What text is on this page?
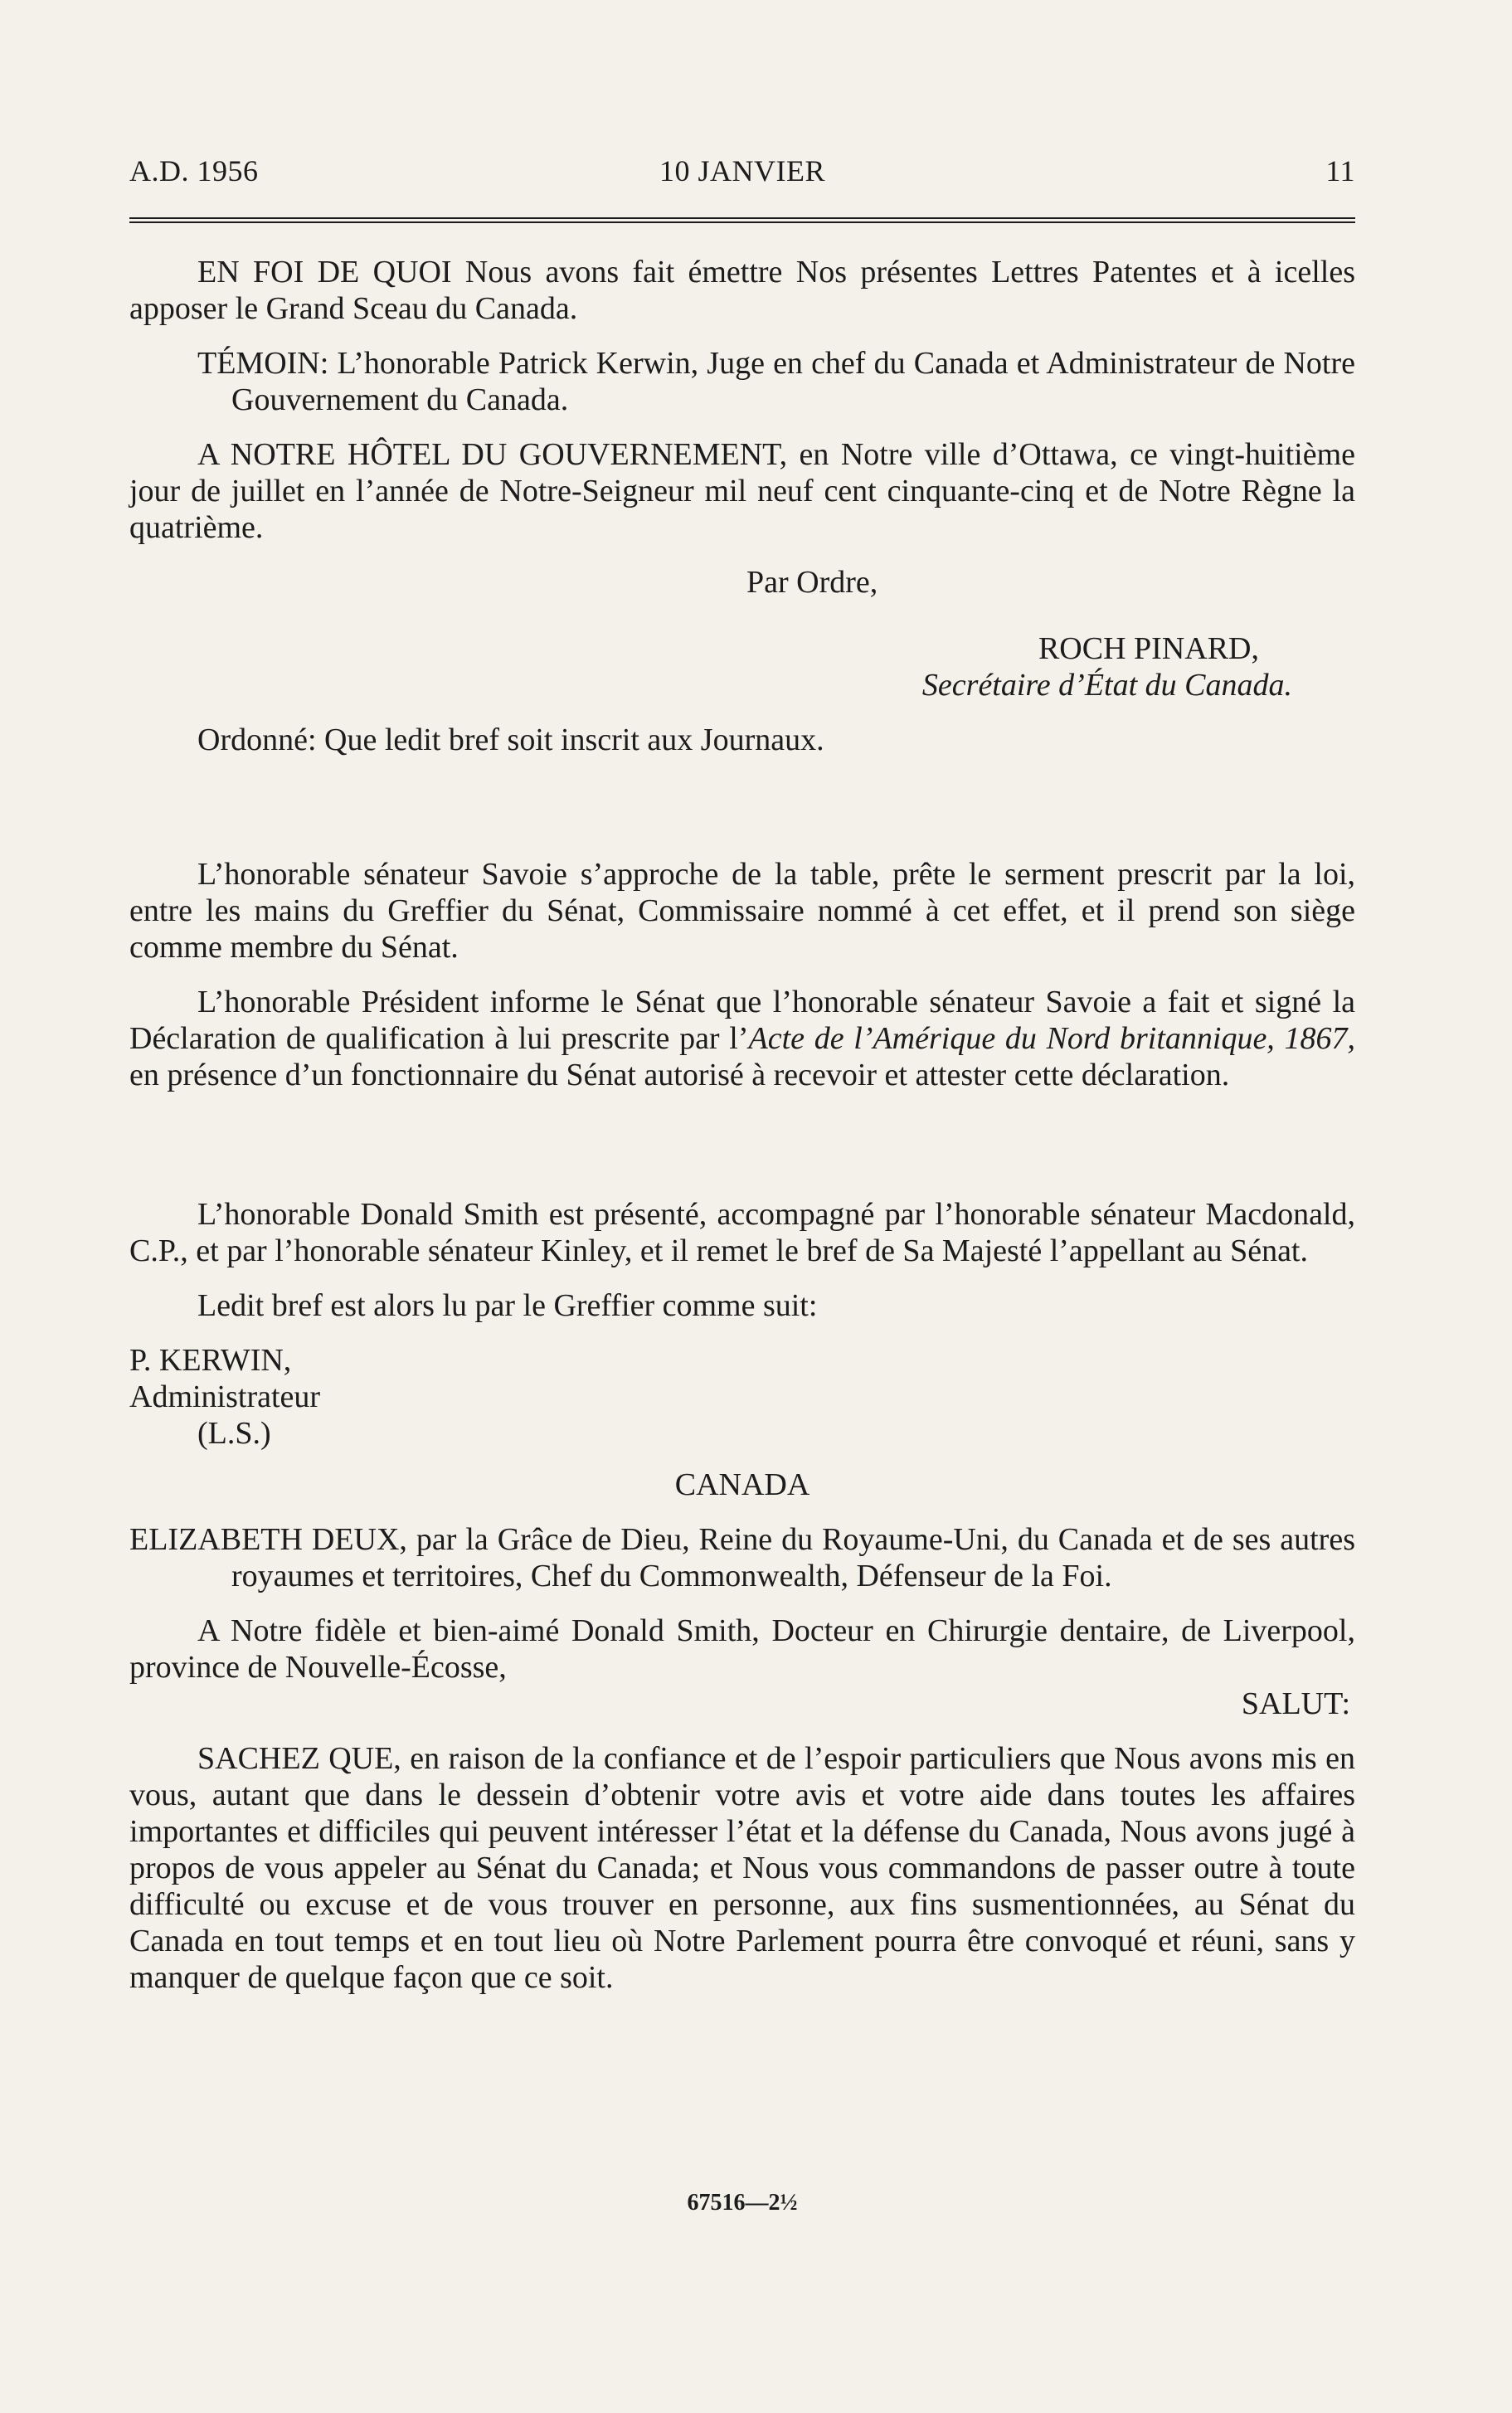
A.D. 1956	10 JANVIER	11

EN FOI DE QUOI Nous avons fait émettre Nos présentes Lettres Patentes et à icelles apposer le Grand Sceau du Canada.

TÉMOIN: L’honorable Patrick Kerwin, Juge en chef du Canada et Administrateur de Notre Gouvernement du Canada.

A NOTRE HÔTEL DU GOUVERNEMENT, en Notre ville d’Ottawa, ce vingt-huitième jour de juillet en l’année de Notre-Seigneur mil neuf cent cinquante-cinq et de Notre Règne la quatrième.

Par Ordre,

ROCH PINARD,
Secrétaire d’État du Canada.

Ordonné: Que ledit bref soit inscrit aux Journaux.

L’honorable sénateur Savoie s’approche de la table, prête le serment prescrit par la loi, entre les mains du Greffier du Sénat, Commissaire nommé à cet effet, et il prend son siège comme membre du Sénat.

L’honorable Président informe le Sénat que l’honorable sénateur Savoie a fait et signé la Déclaration de qualification à lui prescrite par l’Acte de l’Amérique du Nord britannique, 1867, en présence d’un fonctionnaire du Sénat autorisé à recevoir et attester cette déclaration.

L’honorable Donald Smith est présenté, accompagné par l’honorable sénateur Macdonald, C.P., et par l’honorable sénateur Kinley, et il remet le bref de Sa Majesté l’appellant au Sénat.

Ledit bref est alors lu par le Greffier comme suit:

P. KERWIN,
Administrateur
(L.S.)

CANADA

ELIZABETH DEUX, par la Grâce de Dieu, Reine du Royaume-Uni, du Canada et de ses autres royaumes et territoires, Chef du Commonwealth, Défenseur de la Foi.

A Notre fidèle et bien-aimé Donald Smith, Docteur en Chirurgie dentaire, de Liverpool, province de Nouvelle-Écosse,

SALUT:

SACHEZ QUE, en raison de la confiance et de l’espoir particuliers que Nous avons mis en vous, autant que dans le dessein d’obtenir votre avis et votre aide dans toutes les affaires importantes et difficiles qui peuvent intéresser l’état et la défense du Canada, Nous avons jugé à propos de vous appeler au Sénat du Canada; et Nous vous commandons de passer outre à toute difficulté ou excuse et de vous trouver en personne, aux fins susmentionnées, au Sénat du Canada en tout temps et en tout lieu où Notre Parlement pourra être convoqué et réuni, sans y manquer de quelque façon que ce soit.

67516—2½
